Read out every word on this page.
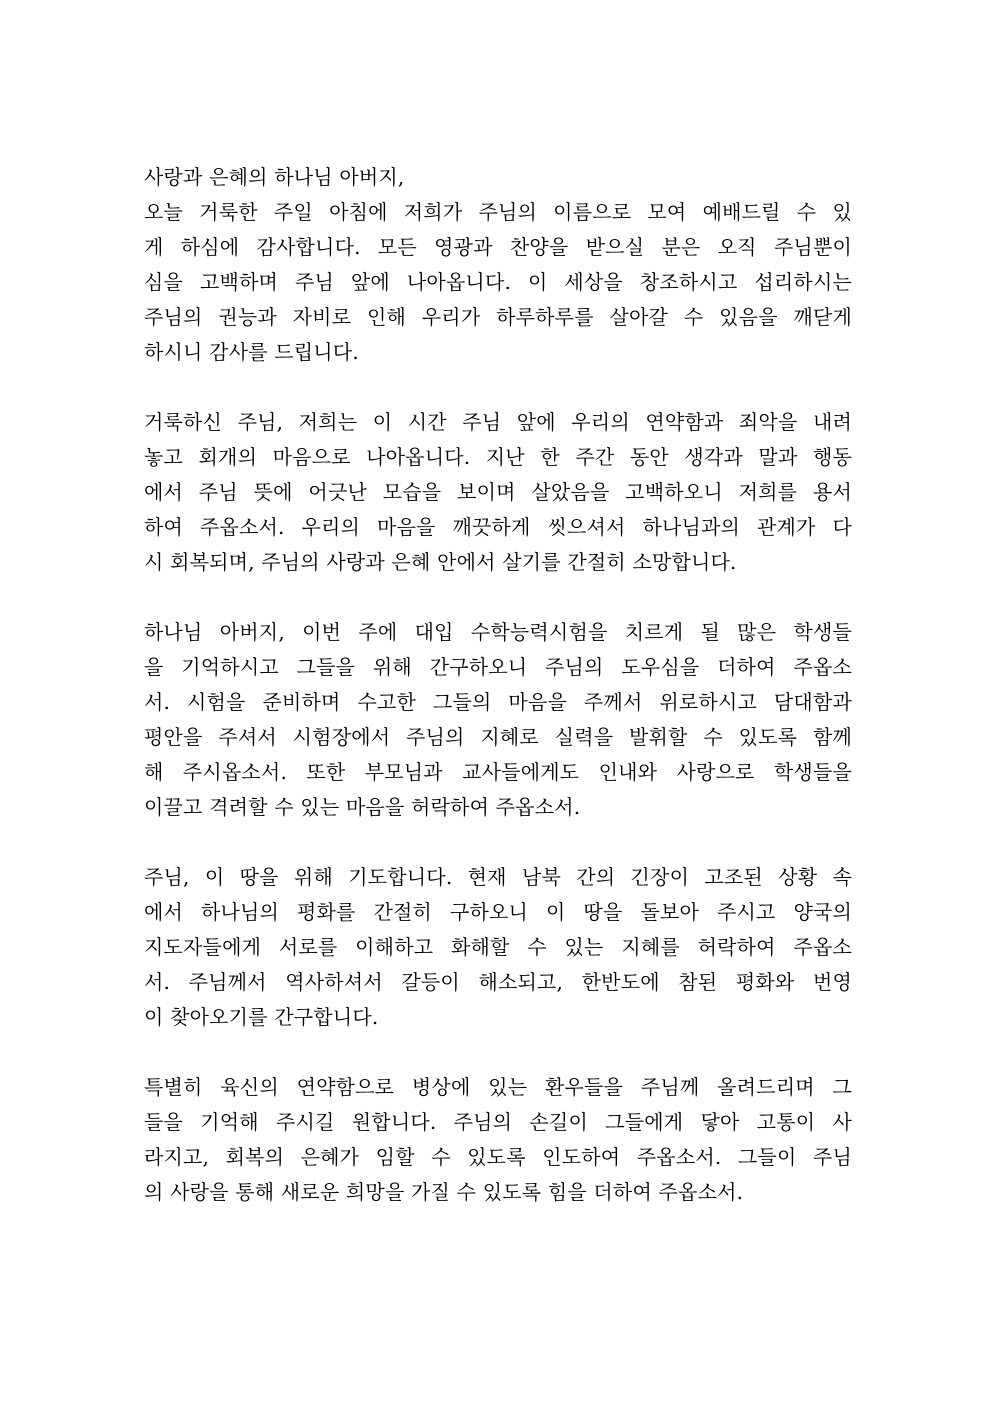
사랑과 은혜의 하나님 아버지,
오늘 거룩한 주일 아침에 저희가 주님의 이름으로 모여 예배드릴 수 있
게 하심에 감사합니다. 모든 영광과 찬양을 받으실 분은 오직 주님뿐이
심을 고백하며 주님 앞에 나아옵니다. 이 세상을 창조하시고 섭리하시는
주님의 권능과 자비로 인해 우리가 하루하루를 살아갈 수 있음을 깨닫게
하시니 감사를 드립니다.
거룩하신 주님, 저희는 이 시간 주님 앞에 우리의 연약함과 죄악을 내려
놓고 회개의 마음으로 나아옵니다. 지난 한 주간 동안 생각과 말과 행동
에서 주님 뜻에 어긋난 모습을 보이며 살았음을 고백하오니 저희를 용서
하여 주옵소서. 우리의 마음을 깨끗하게 씻으셔서 하나님과의 관계가 다
시 회복되며, 주님의 사랑과 은혜 안에서 살기를 간절히 소망합니다.
하나님 아버지, 이번 주에 대입 수학능력시험을 치르게 될 많은 학생들
을 기억하시고 그들을 위해 간구하오니 주님의 도우심을 더하여 주옵소
서. 시험을 준비하며 수고한 그들의 마음을 주께서 위로하시고 담대함과
평안을 주셔서 시험장에서 주님의 지혜로 실력을 발휘할 수 있도록 함께
해 주시옵소서. 또한 부모님과 교사들에게도 인내와 사랑으로 학생들을
이끌고 격려할 수 있는 마음을 허락하여 주옵소서.
주님, 이 땅을 위해 기도합니다. 현재 남북 간의 긴장이 고조된 상황 속
에서 하나님의 평화를 간절히 구하오니 이 땅을 돌보아 주시고 양국의
지도자들에게 서로를 이해하고 화해할 수 있는 지혜를 허락하여 주옵소
서. 주님께서 역사하셔서 갈등이 해소되고, 한반도에 참된 평화와 번영
이 찾아오기를 간구합니다.
특별히 육신의 연약함으로 병상에 있는 환우들을 주님께 올려드리며 그
들을 기억해 주시길 원합니다. 주님의 손길이 그들에게 닿아 고통이 사
라지고, 회복의 은혜가 임할 수 있도록 인도하여 주옵소서. 그들이 주님
의 사랑을 통해 새로운 희망을 가질 수 있도록 힘을 더하여 주옵소서.
